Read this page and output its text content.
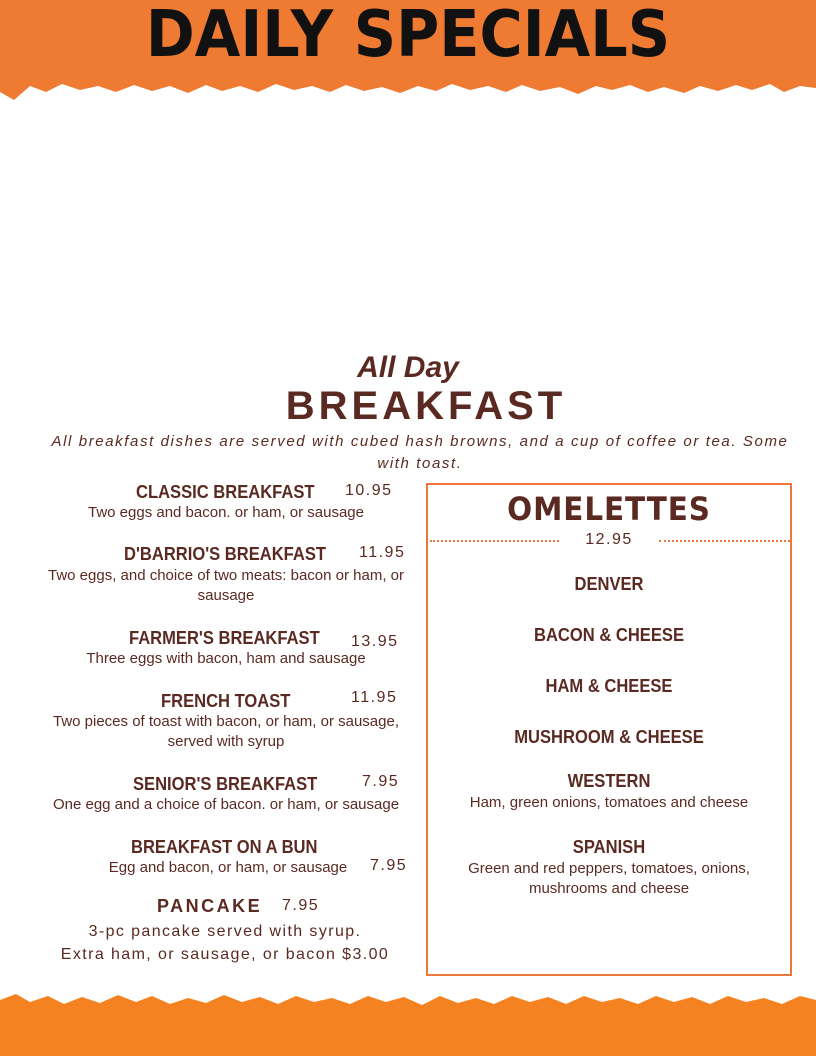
DAILY SPECIALS
All Day
BREAKFAST
All breakfast dishes are served with cubed hash browns, and a cup of coffee or tea. Some with toast.
CLASSIC BREAKFAST 10.95
Two eggs and bacon. or ham, or sausage
D'BARRIO'S BREAKFAST 11.95
Two eggs, and choice of two meats: bacon or ham, or sausage
FARMER'S BREAKFAST 13.95
Three eggs with bacon, ham and sausage
FRENCH TOAST	11.95
Two pieces of toast with bacon, or ham, or sausage, served with syrup
SENIOR'S BREAKFAST	7.95
One egg and a choice of bacon. or ham, or sausage
BREAKFAST ON A BUN
7.95
Egg and bacon, or ham, or sausage
PANCAKE 7.95
3-pc pancake served with syrup.
Extra ham, or sausage, or bacon $3.00
OMELETTES
12.95
DENVER
BACON & CHEESE
HAM & CHEESE
MUSHROOM & CHEESE
WESTERN
Ham, green onions, tomatoes and cheese
SPANISH
Green and red peppers, tomatoes, onions, mushrooms and cheese
